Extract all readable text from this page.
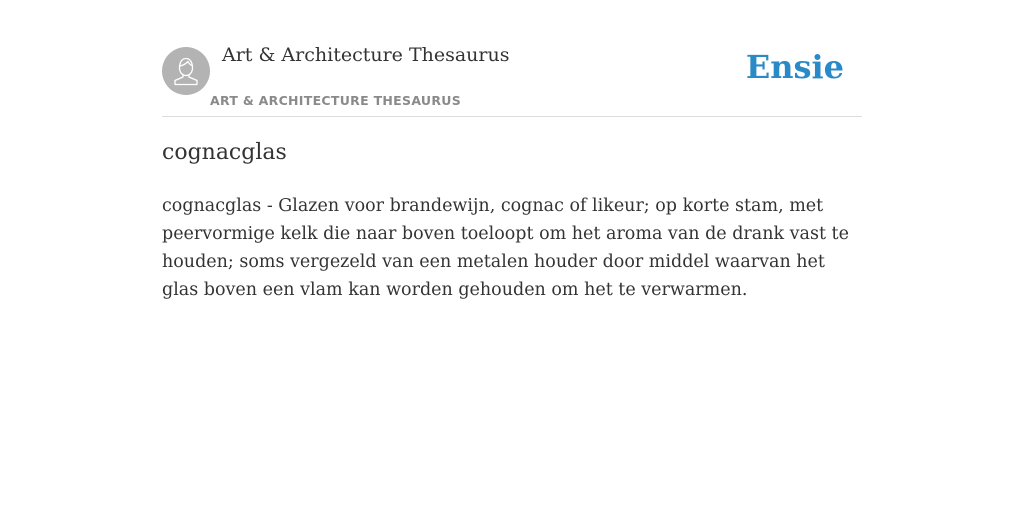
Art & Architecture Thesaurus
ART & ARCHITECTURE THESAURUS
Ensie
cognacglas

cognacglas - Glazen voor brandewijn, cognac of likeur; op korte stam, met peervormige kelk die naar boven toeloopt om het aroma van de drank vast te houden; soms vergezeld van een metalen houder door middel waarvan het glas boven een vlam kan worden gehouden om het te verwarmen.
